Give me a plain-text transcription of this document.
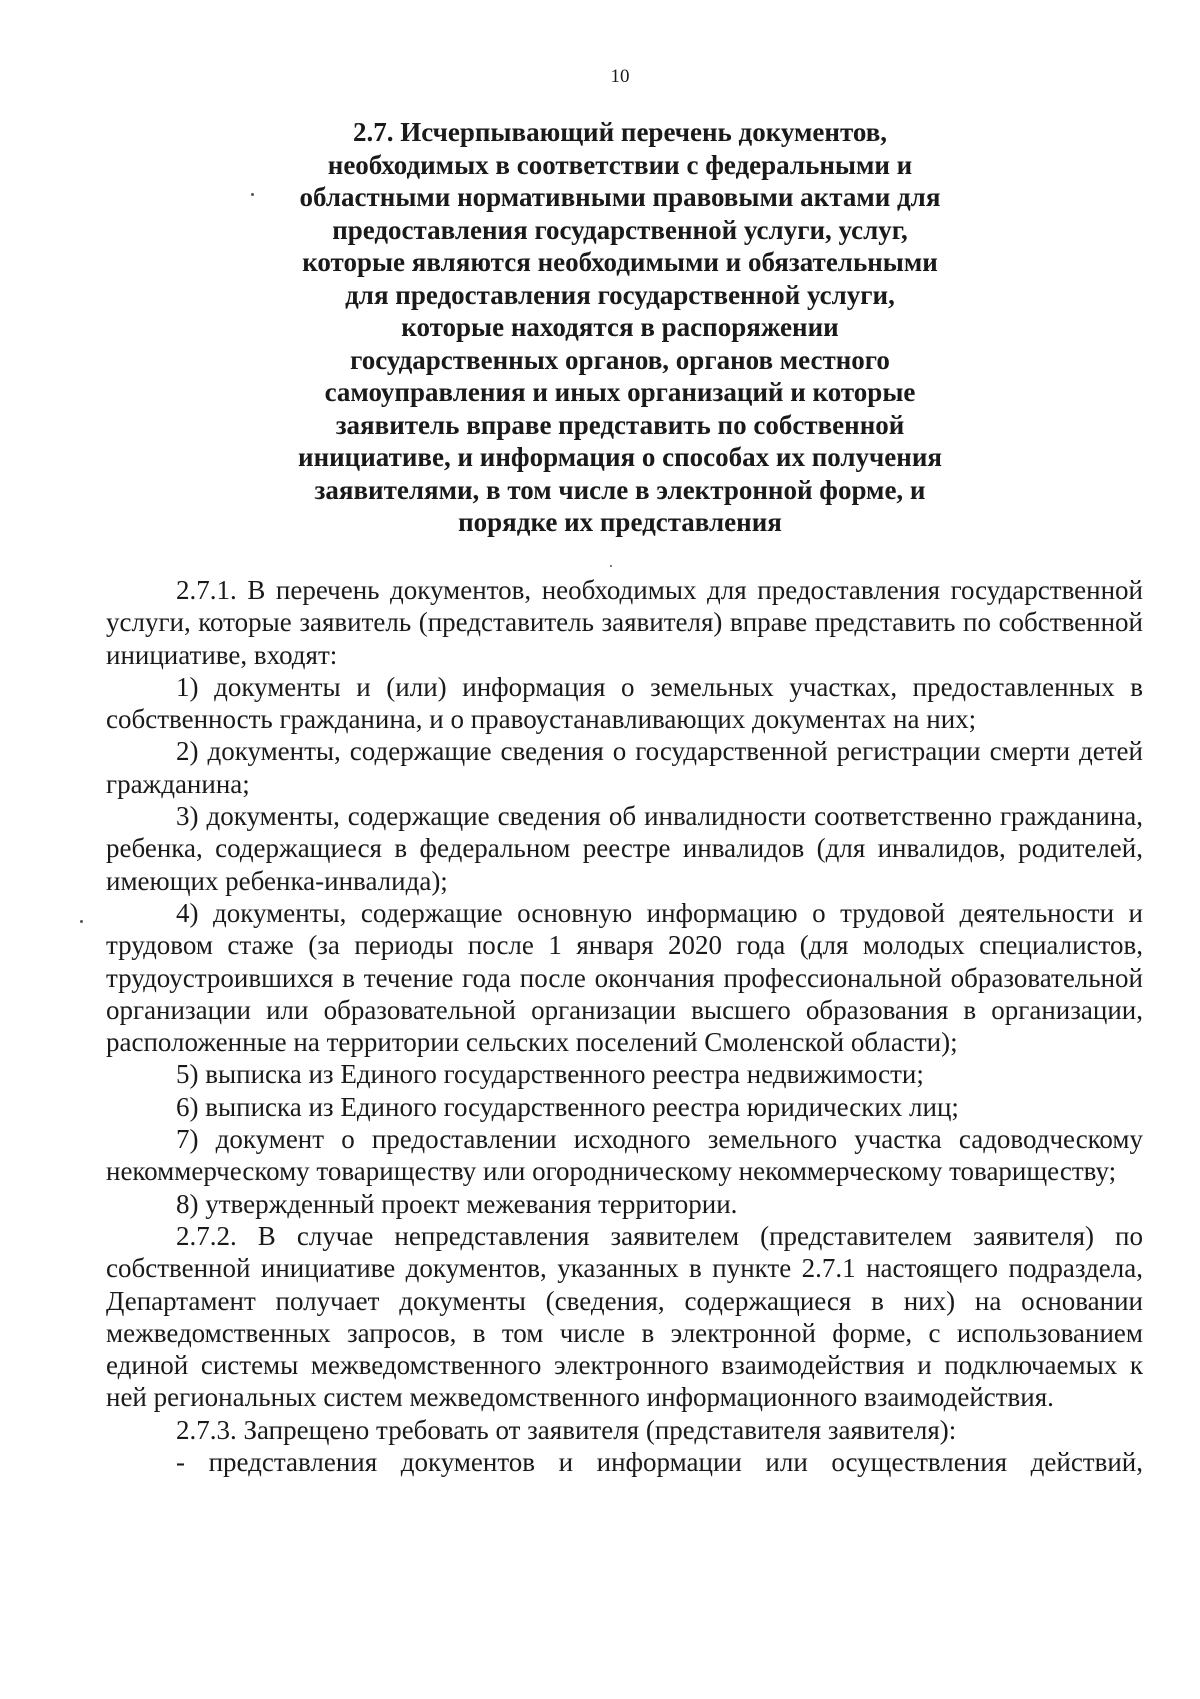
10
2.7. Исчерпывающий перечень документов,
необходимых в соответствии с федеральными и
областными нормативными правовыми актами для
предоставления государственной услуги, услуг,
которые являются необходимыми и обязательными
для предоставления государственной услуги,
которые находятся в распоряжении
государственных органов, органов местного
самоуправления и иных организаций и которые
заявитель вправе представить по собственной
инициативе, и информация о способах их получения
заявителями, в том числе в электронной форме, и
порядке их представления

2.7.1. В перечень документов, необходимых для предоставления государственной услуги, которые заявитель (представитель заявителя) вправе представить по собственной инициативе, входят:

1) документы и (или) информация о земельных участках, предоставленных в собственность гражданина, и о правоустанавливающих документах на них;

2) документы, содержащие сведения о государственной регистрации смерти детей гражданина;

3) документы, содержащие сведения об инвалидности соответственно гражданина, ребенка, содержащиеся в федеральном реестре инвалидов (для инвалидов, родителей, имеющих ребенка-инвалида);

4) документы, содержащие основную информацию о трудовой деятельности и трудовом стаже (за периоды после 1 января 2020 года (для молодых специалистов, трудоустроившихся в течение года после окончания профессиональной образовательной организации или образовательной организации высшего образования в организации, расположенные на территории сельских поселений Смоленской области);

5) выписка из Единого государственного реестра недвижимости;

6) выписка из Единого государственного реестра юридических лиц;

7) документ о предоставлении исходного земельного участка садоводческому некоммерческому товариществу или огородническому некоммерческому товариществу;

8) утвержденный проект межевания территории.

2.7.2. В случае непредставления заявителем (представителем заявителя) по собственной инициативе документов, указанных в пункте 2.7.1 настоящего подраздела, Департамент получает документы (сведения, содержащиеся в них) на основании межведомственных запросов, в том числе в электронной форме, с использованием единой системы межведомственного электронного взаимодействия и подключаемых к ней региональных систем межведомственного информационного взаимодействия.

2.7.3. Запрещено требовать от заявителя (представителя заявителя):

- представления документов и информации или осуществления действий,
